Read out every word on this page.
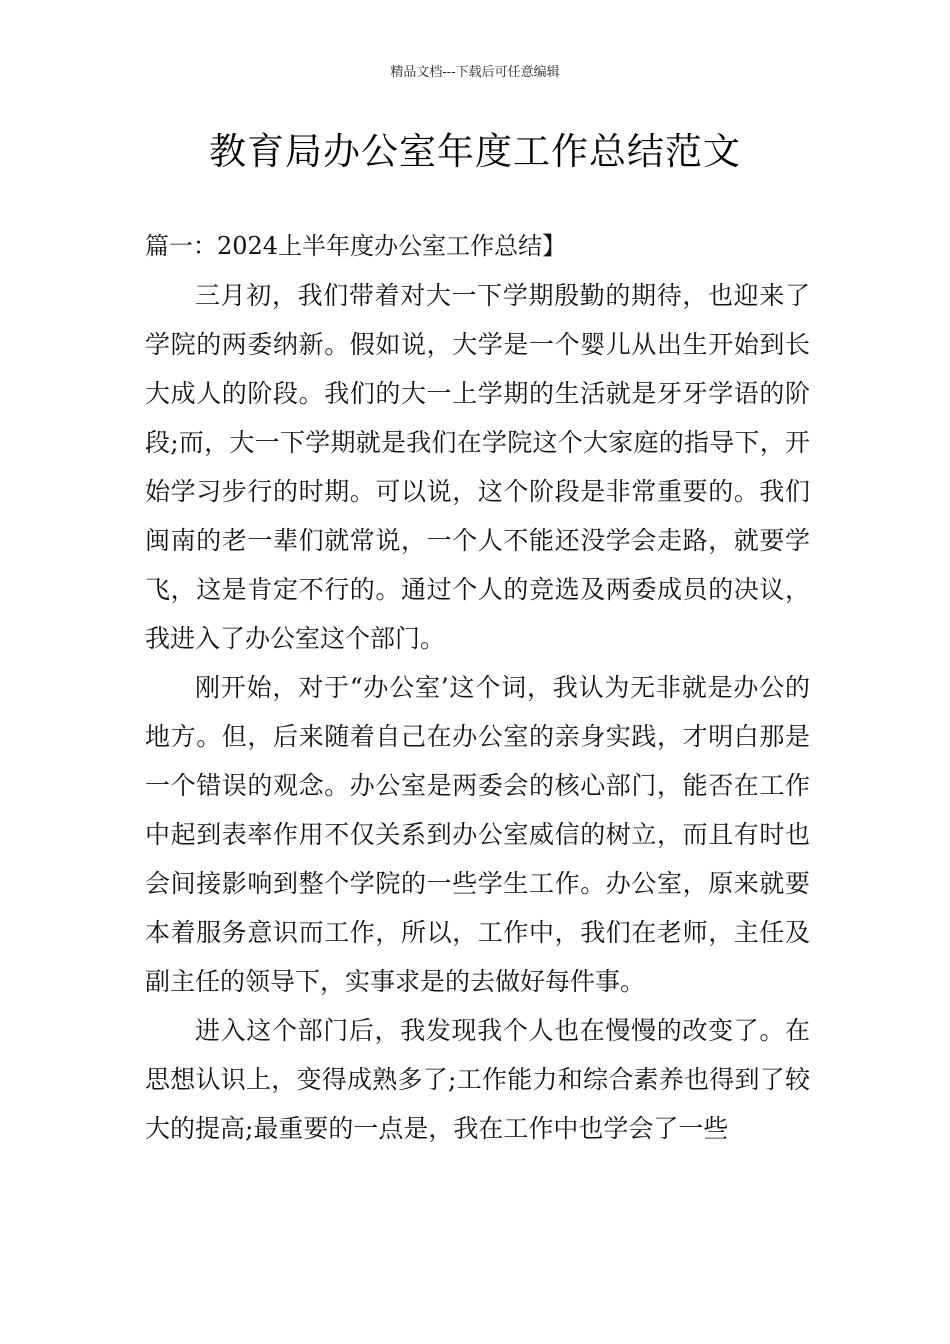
精品文档---下载后可任意编辑
教育局办公室年度工作总结范文

篇一：2024上半年度办公室工作总结】

三月初，我们带着对大一下学期殷勤的期待，也迎来了学院的两委纳新。假如说，大学是一个婴儿从出生开始到长大成人的阶段。我们的大一上学期的生活就是牙牙学语的阶段;而，大一下学期就是我们在学院这个大家庭的指导下，开始学习步行的时期。可以说，这个阶段是非常重要的。我们闽南的老一辈们就常说，一个人不能还没学会走路，就要学飞，这是肯定不行的。通过个人的竞选及两委成员的决议，我进入了办公室这个部门。

刚开始，对于“办公室’这个词，我认为无非就是办公的地方。但，后来随着自己在办公室的亲身实践，才明白那是一个错误的观念。办公室是两委会的核心部门，能否在工作中起到表率作用不仅关系到办公室威信的树立，而且有时也会间接影响到整个学院的一些学生工作。办公室，原来就要本着服务意识而工作，所以，工作中，我们在老师，主任及副主任的领导下，实事求是的去做好每件事。

进入这个部门后，我发现我个人也在慢慢的改变了。在思想认识上，变得成熟多了;工作能力和综合素养也得到了较大的提高;最重要的一点是，我在工作中也学会了一些
